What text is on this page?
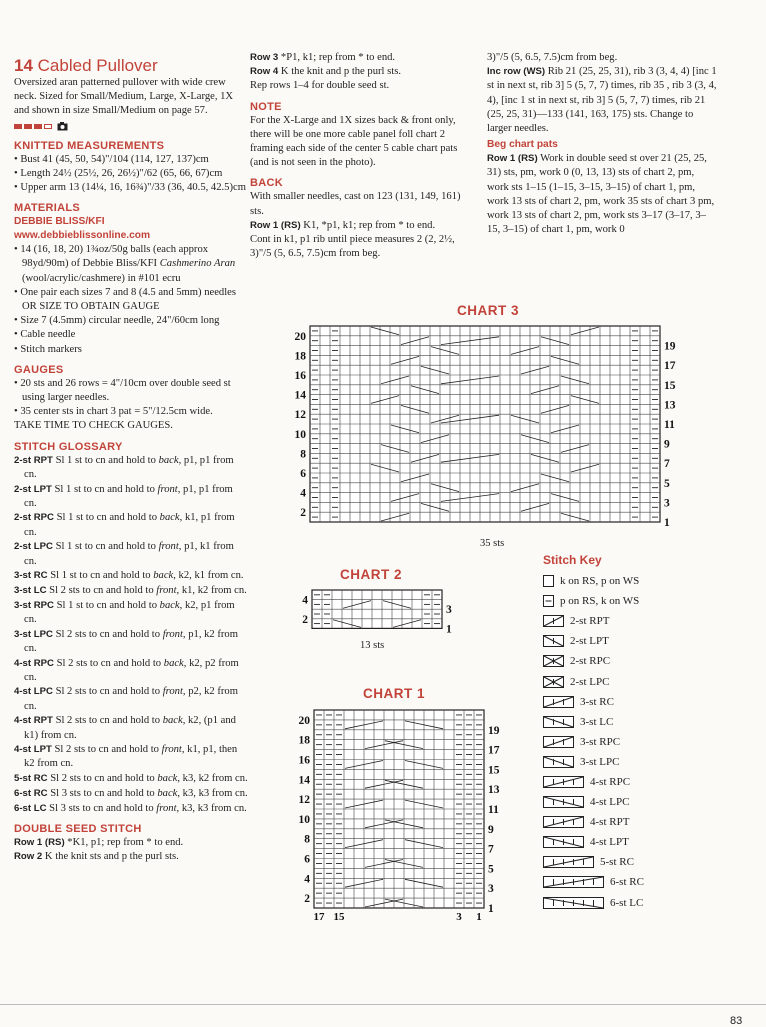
14 Cabled Pullover

Oversized aran patterned pullover with wide crew neck. Sized for Small/Medium, Large, X-Large, 1X and shown in size Small/Medium on page 57.

KNITTED MEASUREMENTS

• Bust 41 (45, 50, 54)"/104 (114, 127, 137)cm

• Length 24½ (25½, 26, 26½)"/62 (65, 66, 67)cm

• Upper arm 13 (14¼, 16, 16¾)"/33 (36, 40.5, 42.5)cm

MATERIALS
DEBBIE BLISS/KFI
www.debbieblissonline.com

• 14 (16, 18, 20) 1¾oz/50g balls (each approx 98yd/90m) of Debbie Bliss/KFI Cashmerino Aran (wool/acrylic/cashmere) in #101 ecru

• One pair each sizes 7 and 8 (4.5 and 5mm) needles OR SIZE TO OBTAIN GAUGE

• Size 7 (4.5mm) circular needle, 24"/60cm long

• Cable needle

• Stitch markers

GAUGES

• 20 sts and 26 rows = 4"/10cm over double seed st using larger needles.

• 35 center sts in chart 3 pat = 5"/12.5cm wide.

TAKE TIME TO CHECK GAUGES.

STITCH GLOSSARY

2-st RPT Sl 1 st to cn and hold to back, p1, p1 from cn.

2-st LPT Sl 1 st to cn and hold to front, p1, p1 from cn.

2-st RPC Sl 1 st to cn and hold to back, k1, p1 from cn.

2-st LPC Sl 1 st to cn and hold to front, p1, k1 from cn.

3-st RC Sl 1 st to cn and hold to back, k2, k1 from cn.

3-st LC Sl 2 sts to cn and hold to front, k1, k2 from cn.

3-st RPC Sl 1 st to cn and hold to back, k2, p1 from cn.

3-st LPC Sl 2 sts to cn and hold to front, p1, k2 from cn.

4-st RPC Sl 2 sts to cn and hold to back, k2, p2 from cn.

4-st LPC Sl 2 sts to cn and hold to front, p2, k2 from cn.

4-st RPT Sl 2 sts to cn and hold to back, k2, (p1 and k1) from cn.

4-st LPT Sl 2 sts to cn and hold to front, k1, p1, then k2 from cn.

5-st RC Sl 2 sts to cn and hold to back, k3, k2 from cn.

6-st RC Sl 3 sts to cn and hold to back, k3, k3 from cn.

6-st LC Sl 3 sts to cn and hold to front, k3, k3 from cn.

DOUBLE SEED STITCH

Row 1 (RS) *K1, p1; rep from * to end.

Row 2 K the knit sts and p the purl sts.

Row 3 *P1, k1; rep from * to end.

Row 4 K the knit and p the purl sts.

Rep rows 1–4 for double seed st.

NOTE

For the X-Large and 1X sizes back & front only, there will be one more cable panel foll chart 2 framing each side of the center 5 cable chart pats (and is not seen in the photo).

BACK

With smaller needles, cast on 123 (131, 149, 161) sts.

Row 1 (RS) K1, *p1, k1; rep from * to end.

Cont in k1, p1 rib until piece measures 2 (2, 2½, 3)"/5 (5, 6.5, 7.5)cm from beg.

3)"/5 (5, 6.5, 7.5)cm from beg.

Inc row (WS) Rib 21 (25, 25, 31), rib 3 (3, 4, 4) [inc 1 st in next st, rib 3] 5 (5, 7, 7) times, rib 35 , rib 3 (3, 4, 4), [inc 1 st in next st, rib 3] 5 (5, 7, 7) times, rib 21 (25, 25, 31)—133 (141, 163, 175) sts. Change to larger needles.

Beg chart pats

Row 1 (RS) Work in double seed st over 21 (25, 25, 31) sts, pm, work 0 (0, 13, 13) sts of chart 2, pm, work sts 1–15 (1–15, 3–15, 3–15) of chart 1, pm, work 13 sts of chart 2, pm, work 35 sts of chart 3 pm, work 13 sts of chart 2, pm, work sts 3–17 (3–17, 3–15, 3–15) of chart 1, pm, work 0

CHART 3
20
18
16
14
12
10
8
6
4
2
19
17
15
13
11
9
7
5
3
1
35 sts
CHART 2
4
2
3
1
13 sts
CHART 1
20
18
16
14
12
10
8
6
4
2
19
17
15
13
11
9
7
5
3
1
17 15	3 1
Stitch Key
k on RS, p on WS
p on RS, k on WS
2-st RPT
2-st LPT
2-st RPC
2-st LPC
3-st RC
3-st LC
3-st RPC
3-st LPC
4-st RPC
4-st LPC
4-st RPT
4-st LPT
5-st RC
6-st RC
6-st LC
83
